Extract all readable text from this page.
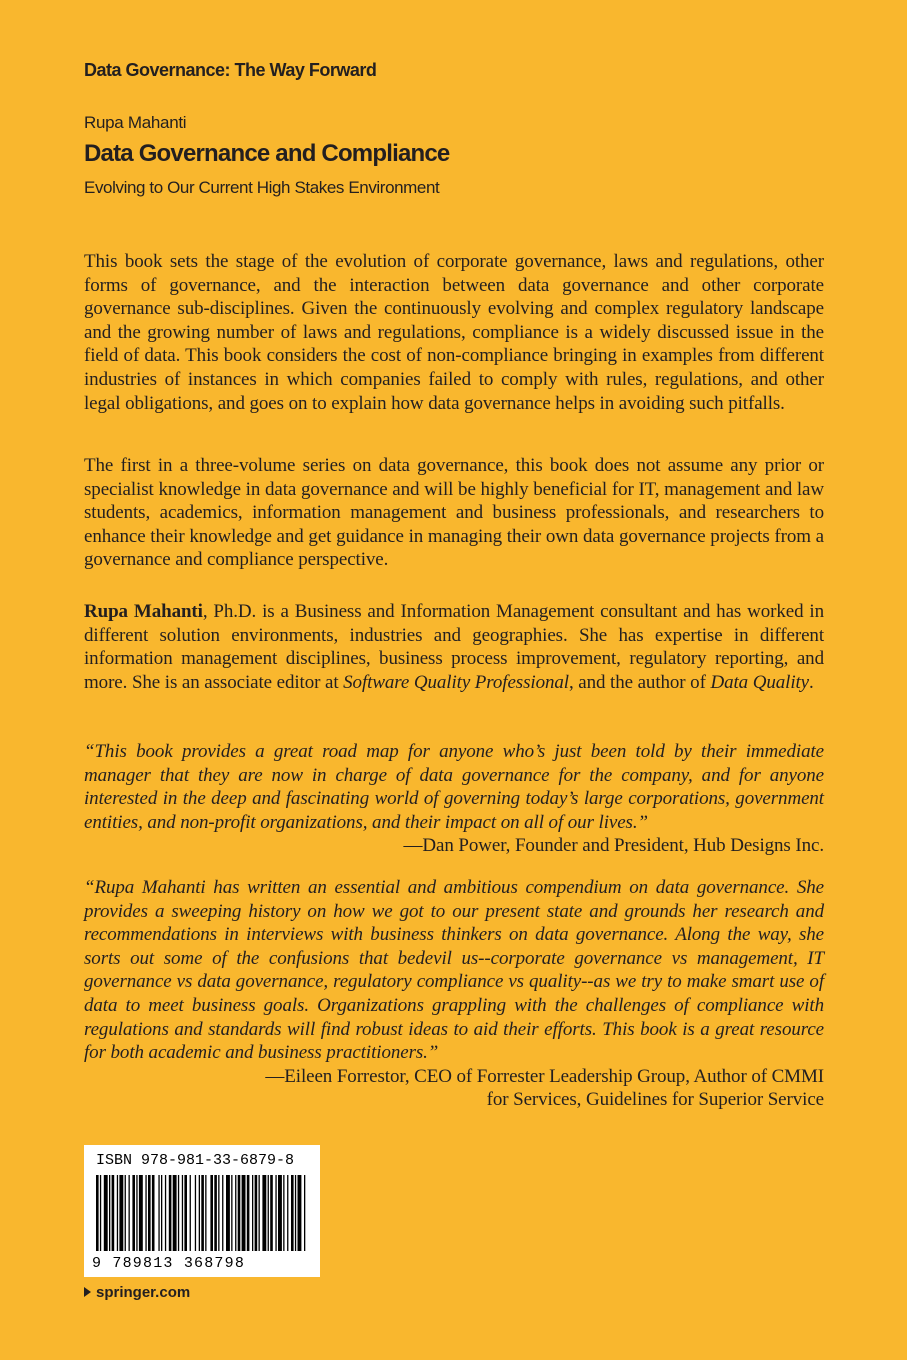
Data Governance: The Way Forward
Rupa Mahanti
Data Governance and Compliance
Evolving to Our Current High Stakes Environment
This book sets the stage of the evolution of corporate governance, laws and regulations, other forms of governance, and the interaction between data governance and other corporate governance sub-disciplines. Given the continuously evolving and complex regulatory landscape and the growing number of laws and regulations, compliance is a widely discussed issue in the field of data. This book considers the cost of non-compliance bringing in examples from different industries of instances in which companies failed to comply with rules, regulations, and other legal obligations, and goes on to explain how data governance helps in avoiding such pitfalls.
The first in a three-volume series on data governance, this book does not assume any prior or specialist knowledge in data governance and will be highly beneficial for IT, management and law students, academics, information management and business professionals, and researchers to enhance their knowledge and get guidance in managing their own data governance projects from a governance and compliance perspective.
Rupa Mahanti, Ph.D. is a Business and Information Management consultant and has worked in different solution environments, industries and geographies. She has expertise in different information management disciplines, business process improvement, regulatory reporting, and more. She is an associate editor at Software Quality Professional, and the author of Data Quality.
“This book provides a great road map for anyone who’s just been told by their immediate manager that they are now in charge of data governance for the company, and for anyone interested in the deep and fascinating world of governing today’s large corporations, government entities, and non-profit organizations, and their impact on all of our lives.”
—Dan Power, Founder and President, Hub Designs Inc.
“Rupa Mahanti has written an essential and ambitious compendium on data governance. She provides a sweeping history on how we got to our present state and grounds her research and recommendations in interviews with business thinkers on data governance. Along the way, she sorts out some of the confusions that bedevil us--corporate governance vs management, IT governance vs data governance, regulatory compliance vs quality--as we try to make smart use of data to meet business goals. Organizations grappling with the challenges of compliance with regulations and standards will find robust ideas to aid their efforts. This book is a great resource for both academic and business practitioners.”
—Eileen Forrestor, CEO of Forrester Leadership Group, Author of CMMI
for Services, Guidelines for Superior Service
ISBN 978-981-33-6879-8
9 789813 368798
springer.com
